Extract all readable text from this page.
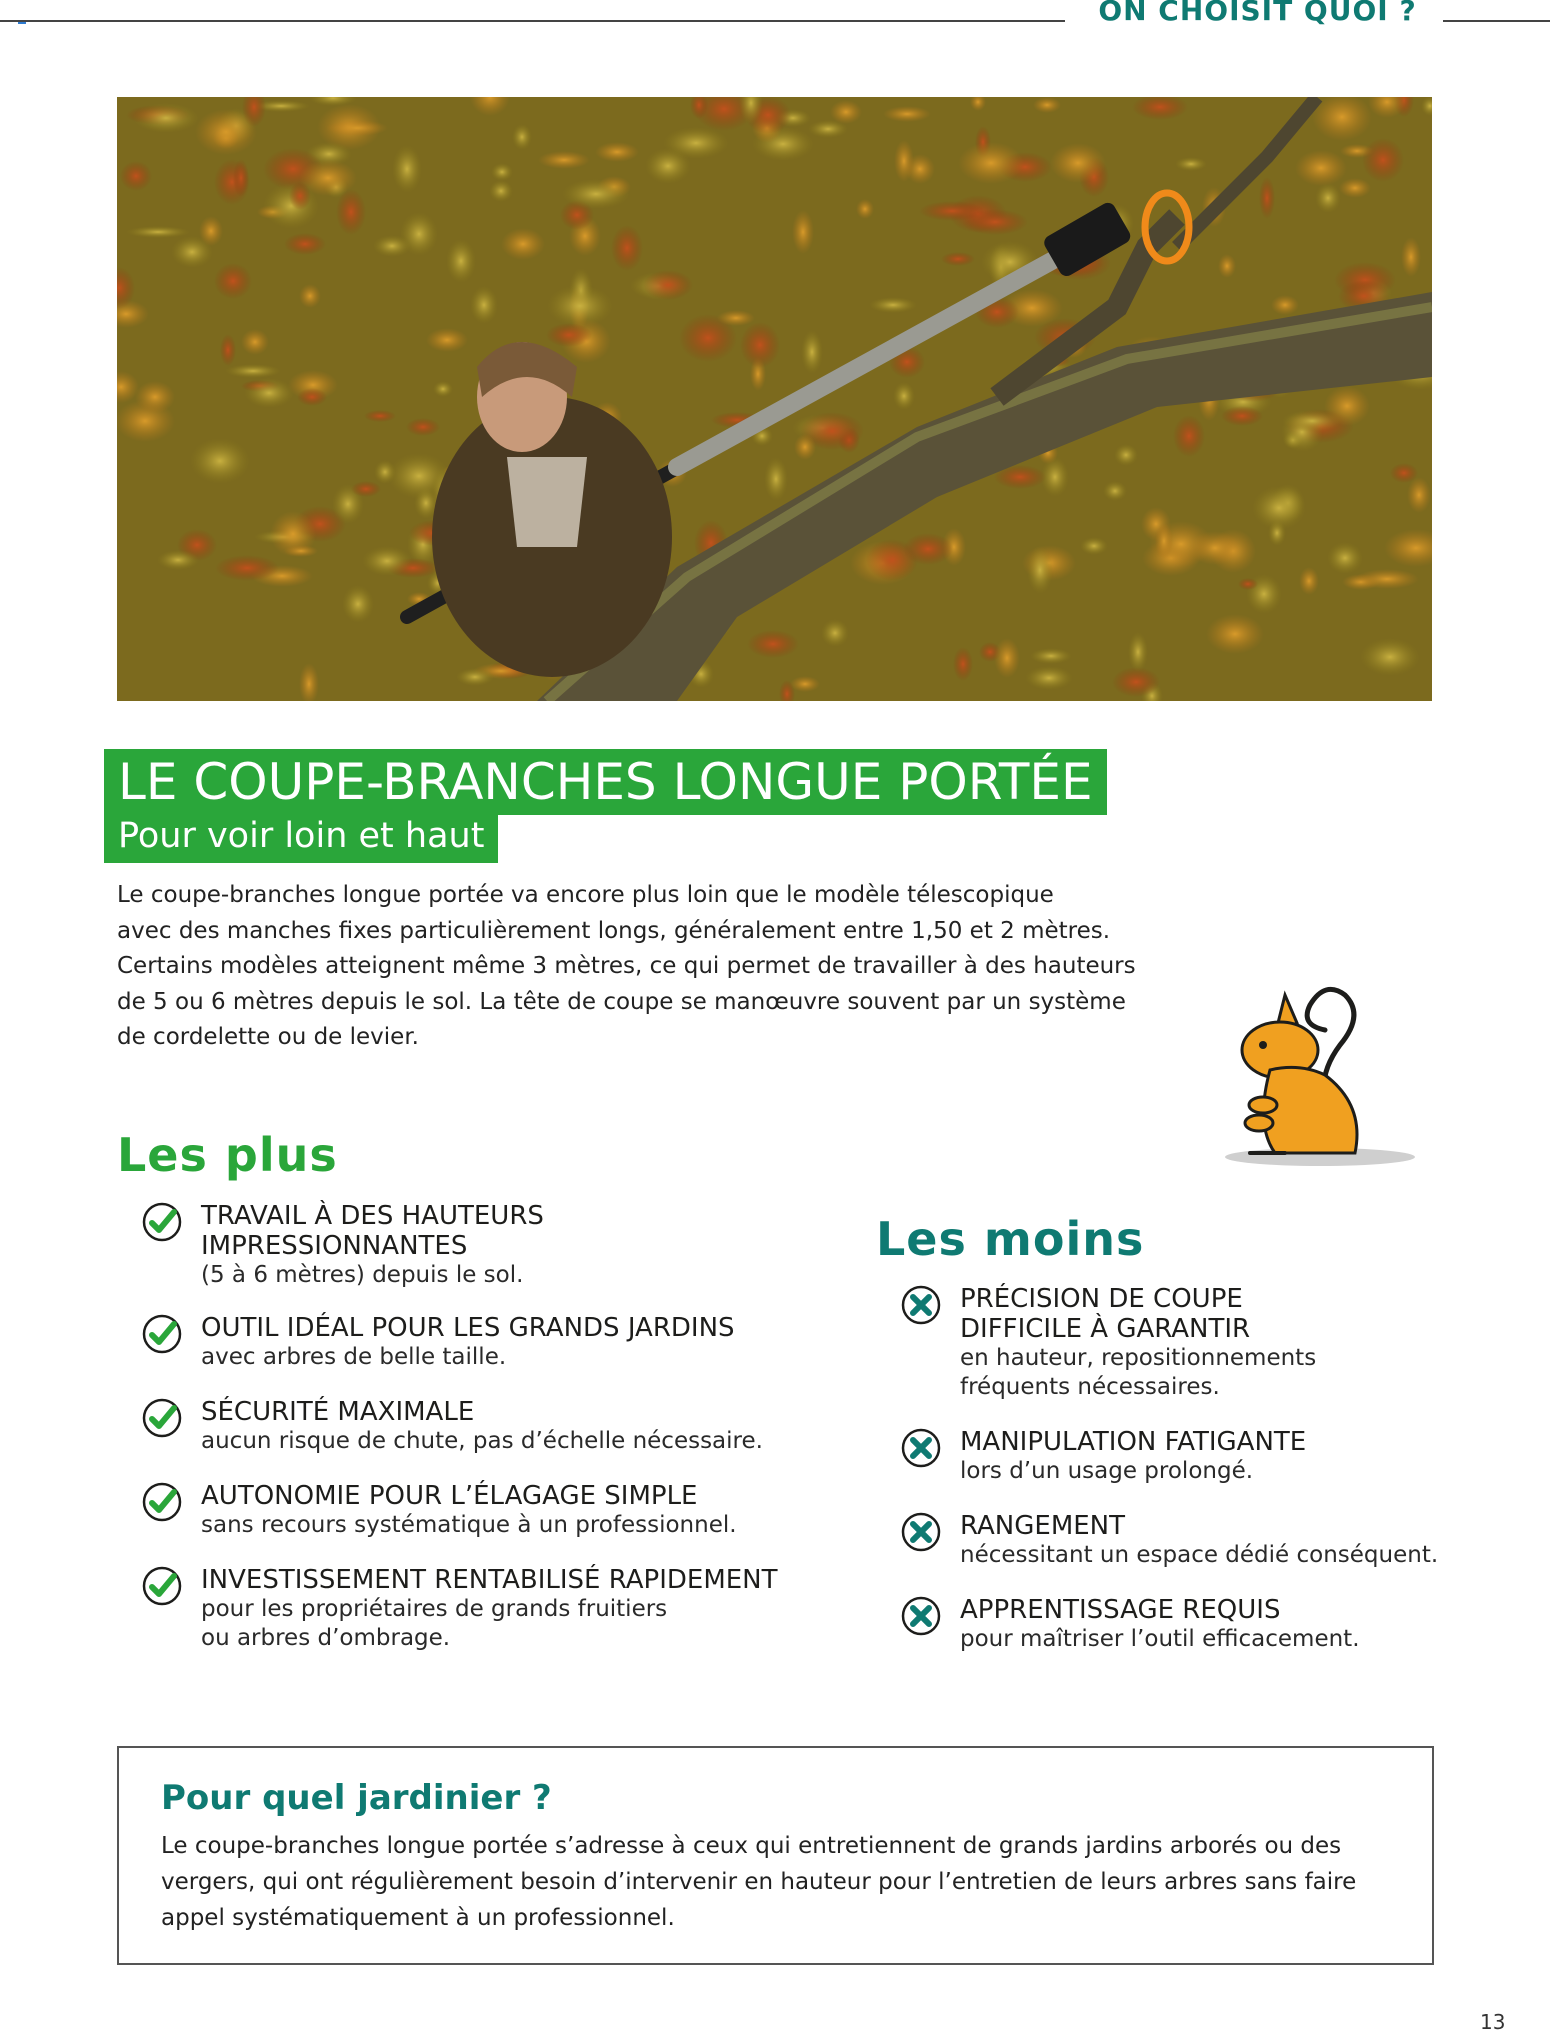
ON CHOISIT QUOI ?
LE COUPE-BRANCHES LONGUE PORTÉE
Pour voir loin et haut
Le coupe-branches longue portée va encore plus loin que le modèle télescopique
avec des manches fixes particulièrement longs, généralement entre 1,50 et 2 mètres.
Certains modèles atteignent même 3 mètres, ce qui permet de travailler à des hauteurs
de 5 ou 6 mètres depuis le sol. La tête de coupe se manœuvre souvent par un système
de cordelette ou de levier.
Les plus
Les moins
TRAVAIL À DES HAUTEURS
IMPRESSIONNANTES
(5 à 6 mètres) depuis le sol.
OUTIL IDÉAL POUR LES GRANDS JARDINS
avec arbres de belle taille.
SÉCURITÉ MAXIMALE
aucun risque de chute, pas d’échelle nécessaire.
AUTONOMIE POUR L’ÉLAGAGE SIMPLE
sans recours systématique à un professionnel.
INVESTISSEMENT RENTABILISÉ RAPIDEMENT
pour les propriétaires de grands fruitiers
ou arbres d’ombrage.
PRÉCISION DE COUPE
DIFFICILE À GARANTIR
en hauteur, repositionnements
fréquents nécessaires.
MANIPULATION FATIGANTE
lors d’un usage prolongé.
RANGEMENT
nécessitant un espace dédié conséquent.
APPRENTISSAGE REQUIS
pour maîtriser l’outil efficacement.
Pour quel jardinier ?
Le coupe-branches longue portée s’adresse à ceux qui entretiennent de grands jardins arborés ou des
vergers, qui ont régulièrement besoin d’intervenir en hauteur pour l’entretien de leurs arbres sans faire
appel systématiquement à un professionnel.
13
